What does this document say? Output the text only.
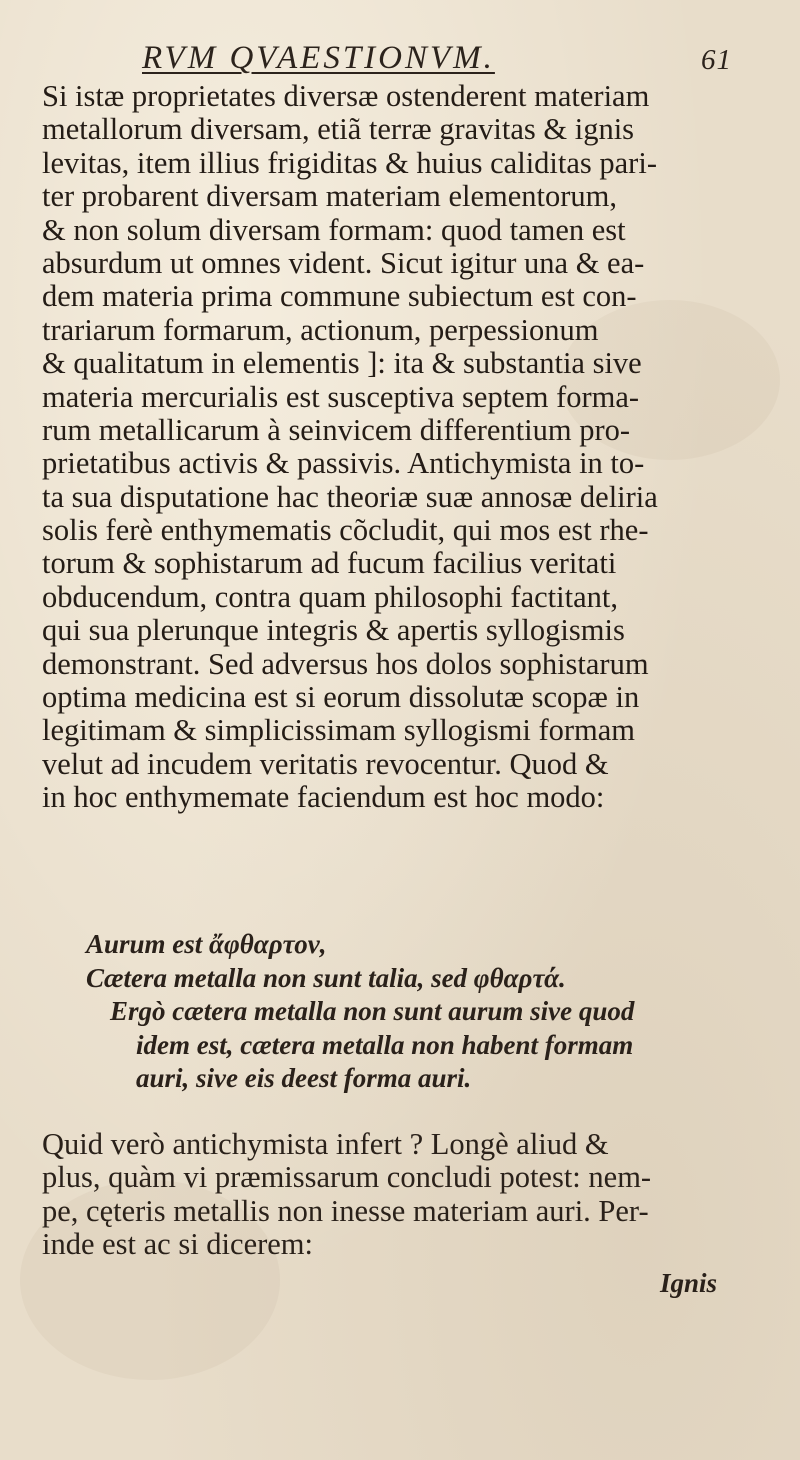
RVM QVAESTIONVM.	61
Si istæ proprietates diversæ ostenderent materiam
metallorum diversam, etiã terræ gravitas & ignis
levitas, item illius frigiditas & huius caliditas pari-
ter probarent diversam materiam elementorum,
& non solum diversam formam: quod tamen est
absurdum ut omnes vident. Sicut igitur una & ea-
dem materia prima commune subiectum est con-
trariarum formarum, actionum, perpessionum
& qualitatum in elementis ]: ita & substantia sive
materia mercurialis est susceptiva septem forma-
rum metallicarum à seinvicem differentium pro-
prietatibus activis & passivis. Antichymista in to-
ta sua disputatione hac theoriæ suæ annosæ deliria
solis ferè enthymematis cõcludit, qui mos est rhe-
torum & sophistarum ad fucum facilius veritati
obducendum, contra quam philosophi factitant,
qui sua plerunque integris & apertis syllogismis
demonstrant. Sed adversus hos dolos sophistarum
optima medicina est si eorum dissolutæ scopæ in
legitimam & simplicissimam syllogismi formam
velut ad incudem veritatis revocentur. Quod &
in hoc enthymemate faciendum est hoc modo:
Aurum est ἄφθαρτον,
Cætera metalla non sunt talia, sed φθαρτά.
Ergò cætera metalla non sunt aurum sive quod
idem est, cætera metalla non habent formam
auri, sive eis deest forma auri.
Quid verò antichymista infert ? Longè aliud &
plus, quàm vi præmissarum concludi potest: nem-
pe, cęteris metallis non inesse materiam auri. Per-
inde est ac si dicerem:
Ignis
